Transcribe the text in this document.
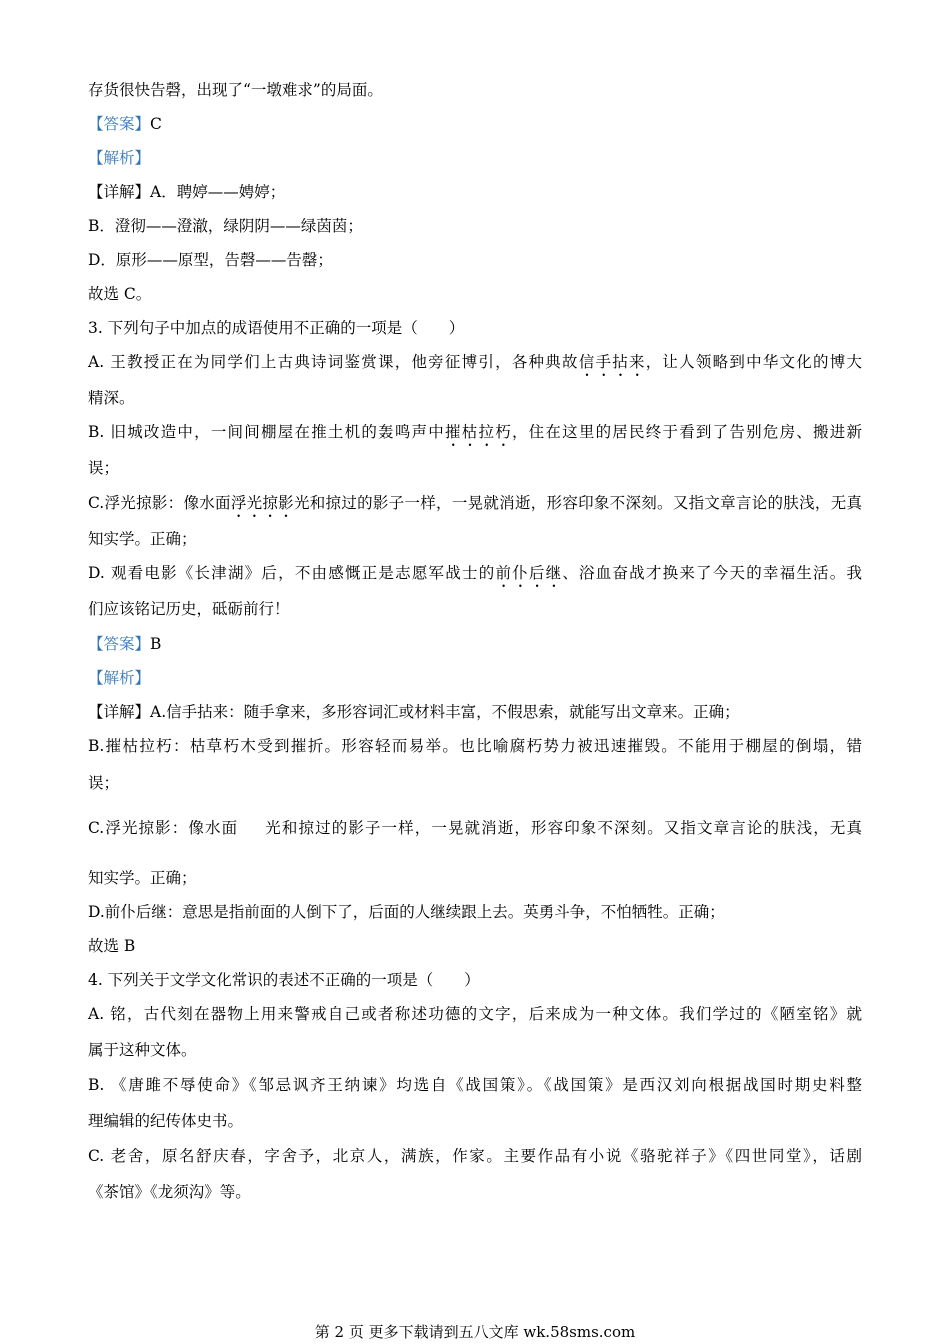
存货很快告磬，出现了“一墩难求”的局面。
【答案】C
【解析】
【详解】A．聘婷——娉婷；
B．澄彻——澄澈，绿阴阴——绿茵茵；
D．原形——原型，告磬——告罄；
故选 C。
3. 下列句子中加点的成语使用不正确的一项是（　　）
A. 王教授正在为同学们上古典诗词鉴赏课，他旁征博引，各种典故信手拈来，让人领略到中华文化的博大
精深。
B. 旧城改造中，一间间棚屋在推土机的轰鸣声中摧枯拉朽，住在这里的居民终于看到了告别危房、搬进新
误；
C.浮光掠影：像水面浮光掠影光和掠过的影子一样，一晃就消逝，形容印象不深刻。又指文章言论的肤浅，无真
知实学。正确；
D. 观看电影《长津湖》后，不由感慨正是志愿军战士的前仆后继、浴血奋战才换来了今天的幸福生活。我
们应该铭记历史，砥砺前行！
【答案】B
【解析】
【详解】A.信手拈来：随手拿来，多形容词汇或材料丰富，不假思索，就能写出文章来。正确；
B.摧枯拉朽：枯草朽木受到摧折。形容轻而易举。也比喻腐朽势力被迅速摧毁。不能用于棚屋的倒塌，错
误；
C.浮光掠影：像水面 光和掠过的影子一样，一晃就消逝，形容印象不深刻。又指文章言论的肤浅，无真
知实学。正确；
D.前仆后继：意思是指前面的人倒下了，后面的人继续跟上去。英勇斗争，不怕牺牲。正确；
故选 B
4. 下列关于文学文化常识的表述不正确的一项是（　　）
A. 铭，古代刻在器物上用来警戒自己或者称述功德的文字，后来成为一种文体。我们学过的《陋室铭》就
属于这种文体。
B. 《唐雎不辱使命》《邹忌讽齐王纳谏》均选自《战国策》。《战国策》是西汉刘向根据战国时期史料整
理编辑的纪传体史书。
C. 老舍，原名舒庆春，字舍予，北京人，满族，作家。主要作品有小说《骆驼祥子》《四世同堂》，话剧
《茶馆》《龙须沟》等。
第 2 页 更多下载请到五八文库 wk.58sms.com
